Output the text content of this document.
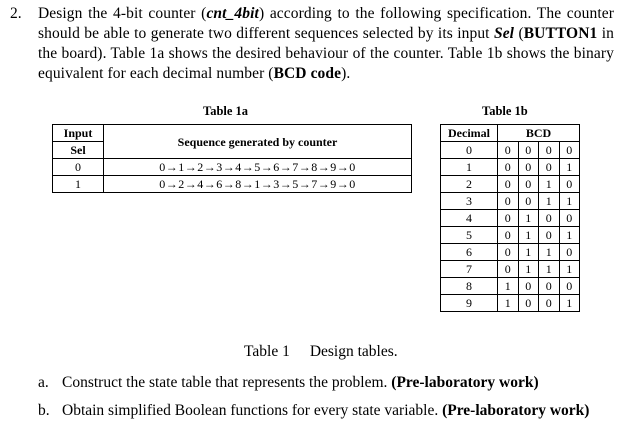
2. Design the 4-bit counter (cnt_4bit) according to the following specification. The counter should be able to generate two different sequences selected by its input Sel (BUTTON1 in the board). Table 1a shows the desired behaviour of the counter. Table 1b shows the binary equivalent for each decimal number (BCD code).
Table 1a	Table 1b
Input	Sequence generated by counter
Sel	
0	0→1→2→3→4→5→6→7→8→9→0
1	0→2→4→6→8→1→3→5→7→9→0
Decimal	BCD			
0	0	0	0	0
1	0	0	0	1
2	0	0	1	0
3	0	0	1	1
4	0	1	0	0
5	0	1	0	1
6	0	1	1	0
7	0	1	1	1
8	1	0	0	0
9	1	0	0	1
Table 1 Design tables.
a. Construct the state table that represents the problem. (Pre-laboratory work)
b. Obtain simplified Boolean functions for every state variable. (Pre-laboratory work)
